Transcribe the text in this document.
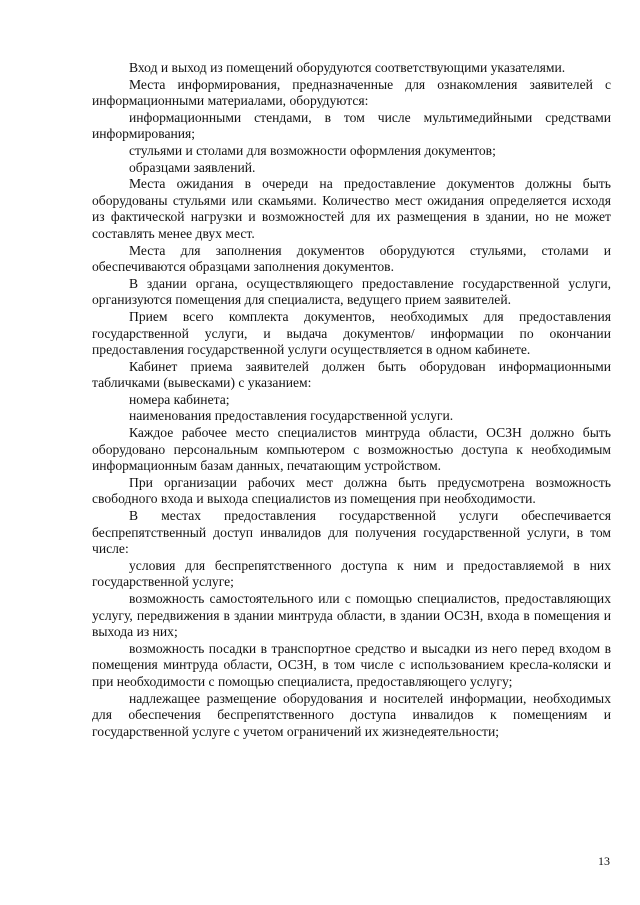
Вход и выход из помещений оборудуются соответствующими указателями.

Места информирования, предназначенные для ознакомления заявителей с информационными материалами, оборудуются:

информационными стендами, в том числе мультимедийными средствами информирования;

стульями и столами для возможности оформления документов;

образцами заявлений.

Места ожидания в очереди на предоставление документов должны быть оборудованы стульями или скамьями. Количество мест ожидания определяется исходя из фактической нагрузки и возможностей для их размещения в здании, но не может составлять менее двух мест.

Места для заполнения документов оборудуются стульями, столами и обеспечиваются образцами заполнения документов.

В здании органа, осуществляющего предоставление государственной услуги, организуются помещения для специалиста, ведущего прием заявителей.

Прием всего комплекта документов, необходимых для предоставления государственной услуги, и выдача документов/ информации по окончании предоставления государственной услуги осуществляется в одном кабинете.

Кабинет приема заявителей должен быть оборудован информационными табличками (вывесками) с указанием:

номера кабинета;

наименования предоставления государственной услуги.

Каждое рабочее место специалистов минтруда области, ОСЗН должно быть оборудовано персональным компьютером с возможностью доступа к необходимым информационным базам данных, печатающим устройством.

При организации рабочих мест должна быть предусмотрена возможность свободного входа и выхода специалистов из помещения при необходимости.

В местах предоставления государственной услуги обеспечивается беспрепятственный доступ инвалидов для получения государственной услуги, в том числе:

условия для беспрепятственного доступа к ним и предоставляемой в них государственной услуге;

возможность самостоятельного или с помощью специалистов, предоставляющих услугу, передвижения в здании минтруда области, в здании ОСЗН, входа в помещения и выхода из них;

возможность посадки в транспортное средство и высадки из него перед входом в помещения минтруда области, ОСЗН, в том числе с использованием кресла-коляски и при необходимости с помощью специалиста, предоставляющего услугу;

надлежащее размещение оборудования и носителей информации, необходимых для обеспечения беспрепятственного доступа инвалидов к помещениям и государственной услуге с учетом ограничений их жизнедеятельности;

13
